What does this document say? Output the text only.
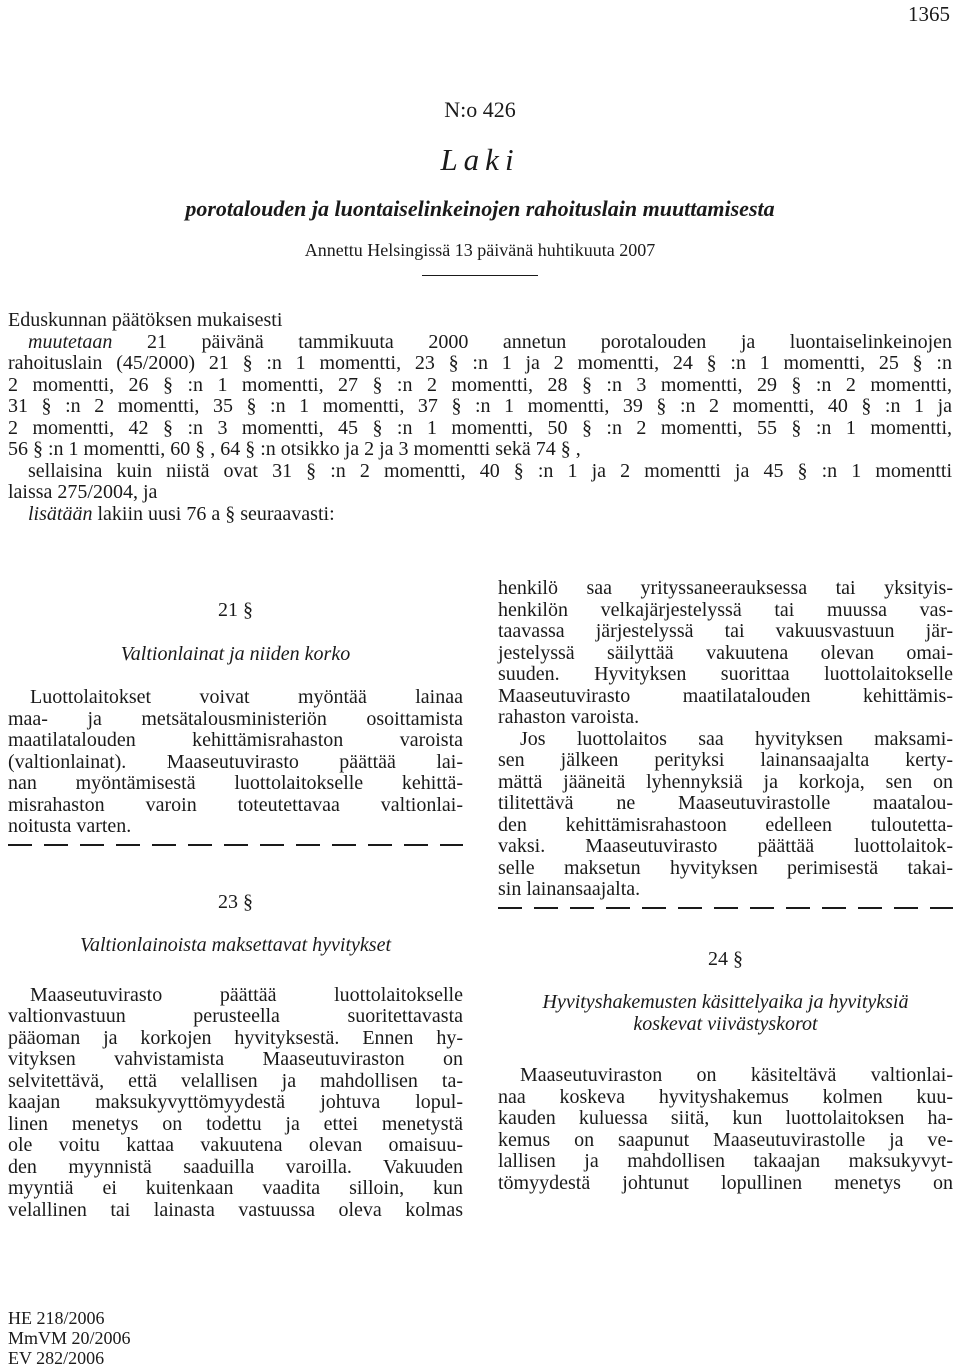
1365
N:o 426
Laki
porotalouden ja luontaiselinkeinojen rahoituslain muuttamisesta
Annettu Helsingissä 13 päivänä huhtikuuta 2007
Eduskunnan päätöksen mukaisesti
muutetaan 21 päivänä tammikuuta 2000 annetun porotalouden ja luontaiselinkeinojen
rahoituslain (45/2000) 21 § :n 1 momentti, 23 § :n 1 ja 2 momentti, 24 § :n 1 momentti, 25 § :n
2 momentti, 26 § :n 1 momentti, 27 § :n 2 momentti, 28 § :n 3 momentti, 29 § :n 2 momentti,
31 § :n 2 momentti, 35 § :n 1 momentti, 37 § :n 1 momentti, 39 § :n 2 momentti, 40 § :n 1 ja
2 momentti, 42 § :n 3 momentti, 45 § :n 1 momentti, 50 § :n 2 momentti, 55 § :n 1 momentti,
56 § :n 1 momentti, 60 § , 64 § :n otsikko ja 2 ja 3 momentti sekä 74 § ,
sellaisina kuin niistä ovat 31 § :n 2 momentti, 40 § :n 1 ja 2 momentti ja 45 § :n 1 momentti
laissa 275/2004, ja
lisätään lakiin uusi 76 a § seuraavasti:

21 §

Valtionlainat ja niiden korko

Luottolaitokset voivat myöntää lainaa
maa- ja metsätalousministeriön osoittamista
maatilatalouden kehittämisrahaston varoista
(valtionlainat). Maaseutuvirasto päättää lai-
nan myöntämisestä luottolaitokselle kehittä-
misrahaston varoin toteutettavaa valtionlai-
noitusta varten.

23 §

Valtionlainoista maksettavat hyvitykset

Maaseutuvirasto päättää luottolaitokselle
valtionvastuun perusteella suoritettavasta
pääoman ja korkojen hyvityksestä. Ennen hy-
vityksen vahvistamista Maaseutuviraston on
selvitettävä, että velallisen ja mahdollisen ta-
kaajan maksukyvyttömyydestä johtuva lopul-
linen menetys on todettu ja ettei menetystä
ole voitu kattaa vakuutena olevan omaisuu-
den myynnistä saaduilla varoilla. Vakuuden
myyntiä ei kuitenkaan vaadita silloin, kun
velallinen tai lainasta vastuussa oleva kolmas
henkilö saa yrityssaneerauksessa tai yksityis-
henkilön velkajärjestelyssä tai muussa vas-
taavassa järjestelyssä tai vakuusvastuun jär-
jestelyssä säilyttää vakuutena olevan omai-
suuden. Hyvityksen suorittaa luottolaitokselle
Maaseutuvirasto maatilatalouden kehittämis-
rahaston varoista.
Jos luottolaitos saa hyvityksen maksami-
sen jälkeen perityksi lainansaajalta kerty-
mättä jääneitä lyhennyksiä ja korkoja, sen on
tilitettävä ne Maaseutuvirastolle maatalou-
den kehittämisrahastoon edelleen tuloutetta-
vaksi. Maaseutuvirasto päättää luottolaitok-
selle maksetun hyvityksen perimisestä takai-
sin lainansaajalta.

24 §

Hyvityshakemusten käsittelyaika ja hyvityksiä

koskevat viivästyskorot

Maaseutuviraston on käsiteltävä valtionlai-
naa koskeva hyvityshakemus kolmen kuu-
kauden kuluessa siitä, kun luottolaitoksen ha-
kemus on saapunut Maaseutuvirastolle ja ve-
lallisen ja mahdollisen takaajan maksukyvyt-
tömyydestä johtunut lopullinen menetys on
HE 218/2006
MmVM 20/2006
EV 282/2006
